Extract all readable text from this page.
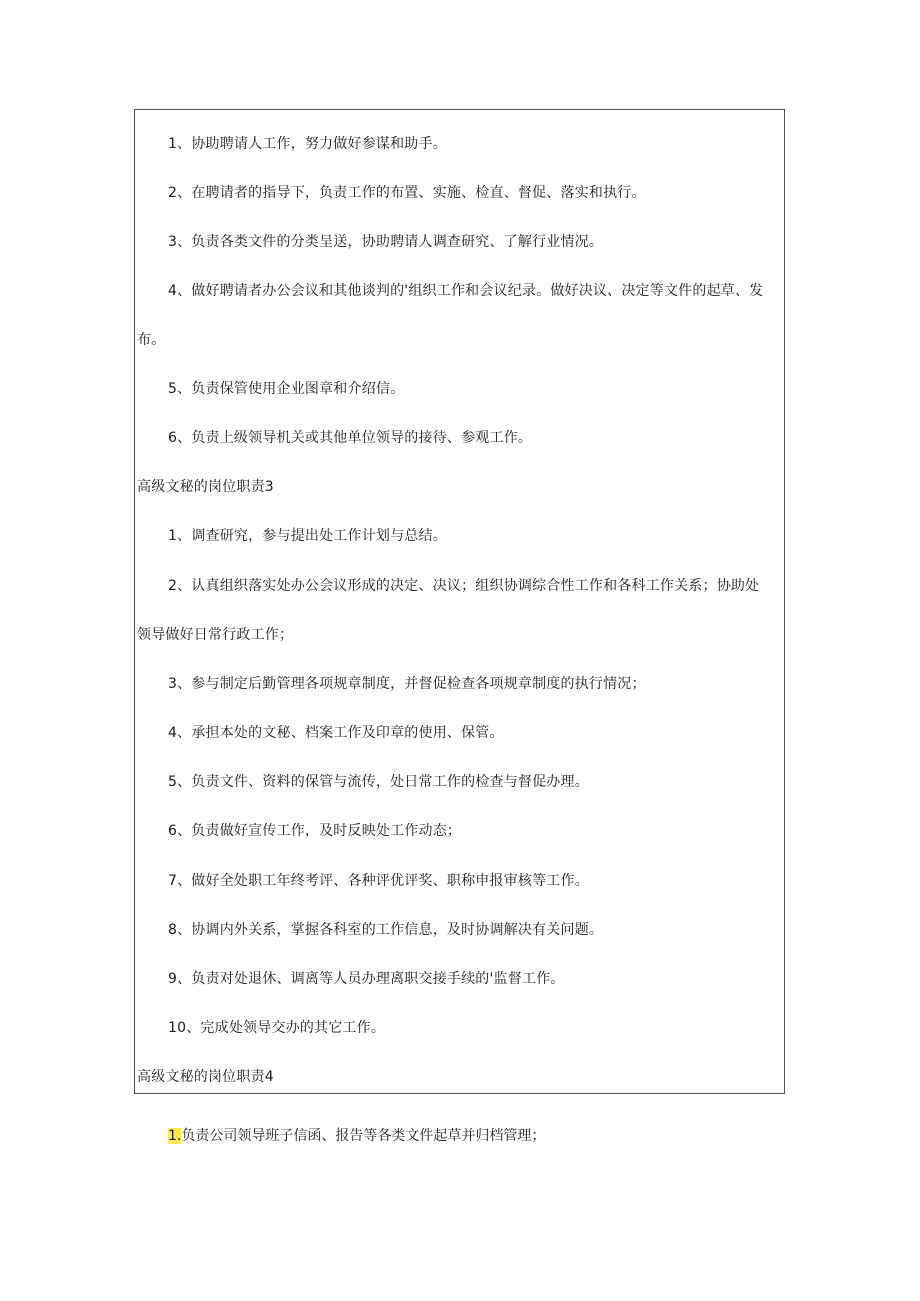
1、协助聘请人工作，努力做好参谋和助手。
2、在聘请者的指导下，负责工作的布置、实施、检直、督促、落实和执行。
3、负责各类文件的分类呈送，协助聘请人调查研究、了解行业情况。
4、做好聘请者办公会议和其他谈判的'组织工作和会议纪录。做好决议、决定等文件的起草、发
布。
5、负责保管使用企业图章和介绍信。
6、负责上级领导机关或其他单位领导的接待、参观工作。
高级文秘的岗位职责3
1、调查研究，参与提出处工作计划与总结。
2、认真组织落实处办公会议形成的决定、决议；组织协调综合性工作和各科工作关系；协助处
领导做好日常行政工作；
3、参与制定后勤管理各项规章制度，并督促检查各项规章制度的执行情况；
4、承担本处的文秘、档案工作及印章的使用、保管。
5、负责文件、资料的保管与流传，处日常工作的检查与督促办理。
6、负责做好宣传工作，及时反映处工作动态；
7、做好全处职工年终考评、各种评优评奖、职称申报审核等工作。
8、协调内外关系，掌握各科室的工作信息，及时协调解决有关问题。
9、负责对处退休、调离等人员办理离职交接手续的'监督工作。
10、完成处领导交办的其它工作。
高级文秘的岗位职责4
1.负责公司领导班子信函、报告等各类文件起草并归档管理；
